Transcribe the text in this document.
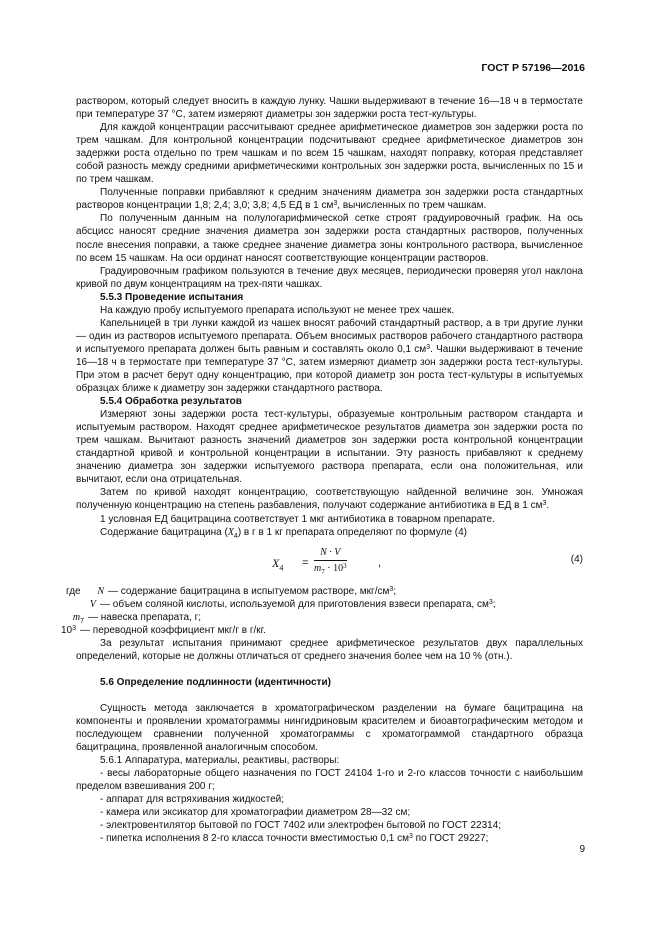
ГОСТ Р 57196—2016

раствором, который следует вносить в каждую лунку. Чашки выдерживают в течение 16—18 ч в термостате при температуре 37 °С, затем измеряют диаметры зон задержки роста тест-культуры.

Для каждой концентрации рассчитывают среднее арифметическое диаметров зон задержки роста по трем чашкам. Для контрольной концентрации подсчитывают среднее арифметическое диаметров зон задержки роста отдельно по трем чашкам и по всем 15 чашкам, находят поправку, которая представляет собой разность между средними арифметическими контрольных зон задержки роста, вычисленных по 15 и по трем чашкам.

Полученные поправки прибавляют к средним значениям диаметра зон задержки роста стандартных растворов концентрации 1,8; 2,4; 3,0; 3,8; 4,5 ЕД в 1 $см^3$, вычисленных по трем чашкам.

По полученным данным на полулогарифмической сетке строят градуировочный график. На ось абсцисс наносят средние значения диаметра зон задержки роста стандартных растворов, полученных после внесения поправки, а также среднее значение диаметра зоны контрольного раствора, вычисленное по всем 15 чашкам. На оси ординат наносят соответствующие концентрации растворов.

Градуировочным графиком пользуются в течение двух месяцев, периодически проверяя угол наклона кривой по двум концентрациям на трех-пяти чашках.

5.5.3 Проведение испытания

На каждую пробу испытуемого препарата используют не менее трех чашек.

Капельницей в три лунки каждой из чашек вносят рабочий стандартный раствор, а в три другие лунки — один из растворов испытуемого препарата. Объем вносимых растворов рабочего стандартного раствора и испытуемого препарата должен быть равным и составлять около 0,1 $см^3$. Чашки выдерживают в течение 16—18 ч в термостате при температуре 37 °С, затем измеряют диаметр зон задержки роста тест-культуры. При этом в расчет берут одну концентрацию, при которой диаметр зон роста тест-культуры в испытуемых образцах ближе к диаметру зон задержки стандартного раствора.

5.5.4 Обработка результатов

Измеряют зоны задержки роста тест-культуры, образуемые контрольным раствором стандарта и испытуемым раствором. Находят среднее арифметическое результатов диаметра зон задержки роста по трем чашкам. Вычитают разность значений диаметров зон задержки роста контрольной концентрации стандартной кривой и контрольной концентрации в испытании. Эту разность прибавляют к среднему значению диаметра зон задержки испытуемого раствора препарата, если она положительная, или вычитают, если она отрицательная.

Затем по кривой находят концентрацию, соответствующую найденной величине зон. Умножая полученную концентрацию на степень разбавления, получают содержание антибиотика в ЕД в 1 $см^3$.

1 условная ЕД бацитрацина соответствует 1 мкг антибиотика в товарном препарате.

Содержание бацитрацина $(X_4)$ в г в 1 кг препарата определяют по формуле (4)

$X_4$ =
N · V
$m_7 \cdot 10^3$	,	(4)
где	N — содержание бацитрацина в испытуемом растворе, мкг/$см^3$;
V — объем соляной кислоты, используемой для приготовления взвеси препарата, $см^3$;
$m_7$ — навеска препарата, г;
$10^3$ — переводной коэффициент мкг/г в г/кг.

За результат испытания принимают среднее арифметическое результатов двух параллельных определений, которые не должны отличаться от среднего значения более чем на 10 % (отн.).

5.6 Определение подлинности (идентичности)

Сущность метода заключается в хроматографическом разделении на бумаге бацитрацина на компоненты и проявлении хроматограммы нингидриновым красителем и биоавтографическим методом и последующем сравнении полученной хроматограммы с хроматограммой стандартного образца бацитрацина, проявленной аналогичным способом.

5.6.1 Аппаратура, материалы, реактивы, растворы:

- весы лабораторные общего назначения по ГОСТ 24104 1-го и 2-го классов точности с наибольшим пределом взвешивания 200 г;

- аппарат для встряхивания жидкостей;

- камера или эксикатор для хроматографии диаметром 28—32 см;

- электровентилятор бытовой по ГОСТ 7402 или электрофен бытовой по ГОСТ 22314;

- пипетка исполнения 8 2-го класса точности вместимостью 0,1 $см^3$ по ГОСТ 29227;

9
